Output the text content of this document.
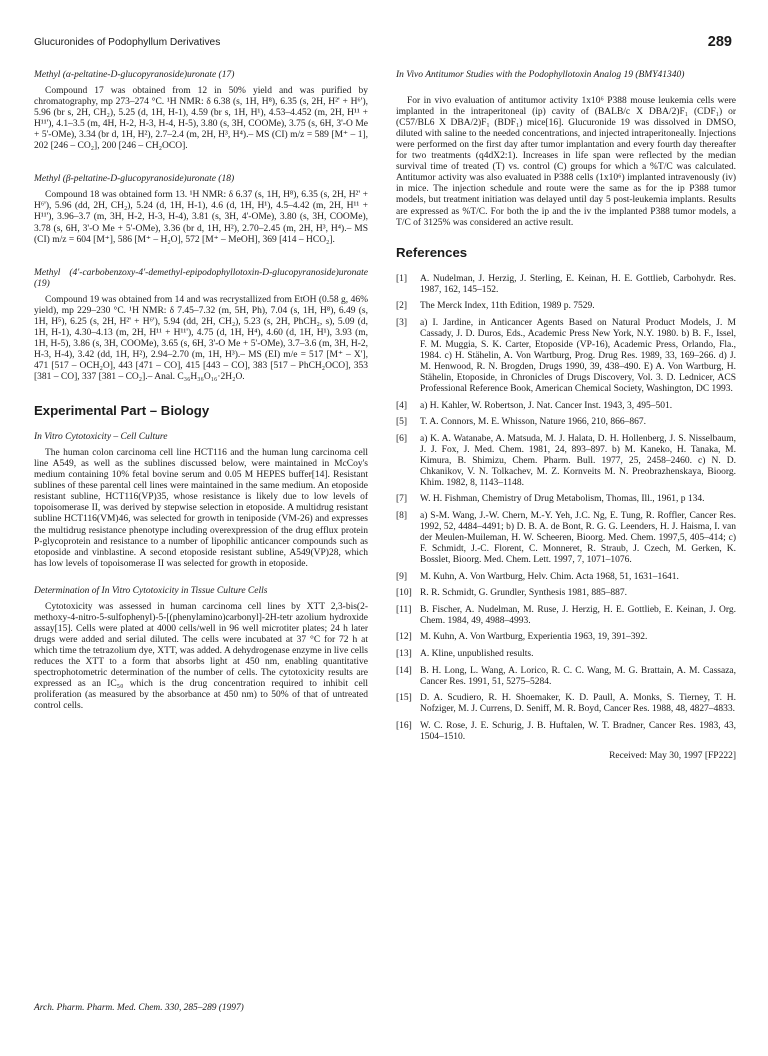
Glucuronides of Podophyllum Derivatives	289
Methyl (α-peltatine-D-glucopyranoside)uronate (17)

Compound 17 was obtained from 12 in 50% yield and was purified by chromatography, mp 273–274 °C. ¹H NMR: δ 6.38 (s, 1H, H⁸), 6.35 (s, 2H, H²' + H⁶'), 5.96 (br s, 2H, CH₂), 5.25 (d, 1H, H-1), 4.59 (br s, 1H, H¹), 4.53–4.452 (m, 2H, H¹¹ + H¹¹'), 4.1–3.5 (m, 4H, H-2, H-3, H-4, H-5), 3.80 (s, 3H, COOMe), 3.75 (s, 6H, 3'-O Me + 5'-OMe), 3.34 (br d, 1H, H²), 2.7–2.4 (m, 2H, H³, H⁴).– MS (CI) m/z = 589 [M⁺ – 1], 202 [246 – CO₂], 200 [246 – CH₂OCO].

Methyl (β-peltatine-D-glucopyranoside)uronate (18)

Compound 18 was obtained form 13. ¹H NMR: δ 6.37 (s, 1H, H⁸), 6.35 (s, 2H, H²' + H⁶'), 5.96 (dd, 2H, CH₂), 5.24 (d, 1H, H-1), 4.6 (d, 1H, H¹), 4.5–4.42 (m, 2H, H¹¹ + H¹¹'), 3.96–3.7 (m, 3H, H-2, H-3, H-4), 3.81 (s, 3H, 4'-OMe), 3.80 (s, 3H, COOMe), 3.78 (s, 6H, 3'-O Me + 5'-OMe), 3.36 (br d, 1H, H²), 2.70–2.45 (m, 2H, H³, H⁴).– MS (CI) m/z = 604 [M⁺], 586 [M⁺ – H₂O], 572 [M⁺ – MeOH], 369 [414 – HCO₂].

Methyl (4'-carbobenzoxy-4'-demethyl-epipodophyllotoxin-D-glucopyranoside)uronate (19)

Compound 19 was obtained from 14 and was recrystallized from EtOH (0.58 g, 46% yield), mp 229–230 °C. ¹H NMR: δ 7.45–7.32 (m, 5H, Ph), 7.04 (s, 1H, H⁸), 6.49 (s, 1H, H⁵), 6.25 (s, 2H, H²' + H⁶'), 5.94 (dd, 2H, CH₂), 5.23 (s, 2H, PhCH₂, s), 5.09 (d, 1H, H-1), 4.30–4.13 (m, 2H, H¹¹ + H¹¹'), 4.75 (d, 1H, H⁴), 4.60 (d, 1H, H¹), 3.93 (m, 1H, H-5), 3.86 (s, 3H, COOMe), 3.65 (s, 6H, 3'-O Me + 5'-OMe), 3.7–3.6 (m, 3H, H-2, H-3, H-4), 3.42 (dd, 1H, H²), 2.94–2.70 (m, 1H, H³).– MS (EI) m/e = 517 [M⁺ – X'], 471 [517 – OCH₂O], 443 [471 – CO], 415 [443 – CO], 383 [517 – PhCH₂OCO], 353 [381 – CO], 337 [381 – CO₂].– Anal. C₃₆H₃₆O₁₆·2H₂O.

Experimental Part – Biology
In Vitro Cytotoxicity – Cell Culture

The human colon carcinoma cell line HCT116 and the human lung carcinoma cell line A549, as well as the sublines discussed below, were maintained in McCoy's medium containing 10% fetal bovine serum and 0.05 M HEPES buffer[14]. Resistant sublines of these parental cell lines were maintained in the same medium. An etoposide resistant subline, HCT116(VP)35, whose resistance is likely due to low levels of topoisomerase II, was derived by stepwise selection in etoposide. A multidrug resistant subline HCT116(VM)46, was selected for growth in teniposide (VM-26) and expresses the multidrug resistance phenotype including overexpression of the drug efflux protein P-glycoprotein and resistance to a number of lipophilic anticancer compounds such as etoposide and vinblastine. A second etoposide resistant subline, A549(VP)28, which has low levels of topoisomerase II was selected for growth in etoposide.

Determination of In Vitro Cytotoxicity in Tissue Culture Cells

Cytotoxicity was assessed in human carcinoma cell lines by XTT 2,3-bis(2-methoxy-4-nitro-5-sulfophenyl)-5-[(phenylamino)carbonyl]-2H-tetr azolium hydroxide assay[15]. Cells were plated at 4000 cells/well in 96 well microtiter plates; 24 h later drugs were added and serial diluted. The cells were incubated at 37 °C for 72 h at which time the tetrazolium dye, XTT, was added. A dehydrogenase enzyme in live cells reduces the XTT to a form that absorbs light at 450 nm, enabling quantitative spectrophotometric determination of the number of cells. The cytotoxicity results are expressed as an IC₅₀ which is the drug concentration required to inhibit cell proliferation (as measured by the absorbance at 450 nm) to 50% of that of untreated control cells.

In Vivo Antitumor Studies with the Podophyllotoxin Analog 19 (BMY41340)

For in vivo evaluation of antitumor activity 1x10⁶ P388 mouse leukemia cells were implanted in the intraperitoneal (ip) cavity of (BALB/c X DBA/2)F₁ (CDF₁) or (C57/BL6 X DBA/2)F₁ (BDF₁) mice[16]. Glucuronide 19 was dissolved in DMSO, diluted with saline to the needed concentrations, and injected intraperitoneally. Injections were performed on the first day after tumor implantation and every fourth day thereafter for two treatments (q4dX2:1). Increases in life span were reflected by the median survival time of treated (T) vs. control (C) groups for which a %T/C was calculated. Antitumor activity was also evaluated in P388 cells (1x10⁶) implanted intravenously (iv) in mice. The injection schedule and route were the same as for the ip P388 tumor models, but treatment initiation was delayed until day 5 post-leukemia implants. Results are expressed as %T/C. For both the ip and the iv the implanted P388 tumor models, a T/C of 3125% was considered an active result.

References
[1]	A. Nudelman, J. Herzig, J. Sterling, E. Keinan, H. E. Gottlieb, Carbohydr. Res. 1987, 162, 145–152.
[2]	The Merck Index, 11th Edition, 1989 p. 7529.
[3]	a) I. Jardine, in Anticancer Agents Based on Natural Product Models, J. M Cassady, J. D. Duros, Eds., Academic Press New York, N.Y. 1980. b) B. F., Issel, F. M. Muggia, S. K. Carter, Etoposide (VP-16), Academic Press, Orlando, Fla., 1984. c) H. Stähelin, A. Von Wartburg, Prog. Drug Res. 1989, 33, 169–266. d) J. M. Henwood, R. N. Brogden, Drugs 1990, 39, 438–490. E) A. Von Wartburg, H. Stähelin, Etoposide, in Chronicles of Drugs Discovery, Vol. 3. D. Lednicer, ACS Professional Reference Book, American Chemical Society, Washington, DC 1993.
[4]	a) H. Kahler, W. Robertson, J. Nat. Cancer Inst. 1943, 3, 495–501.
[5]	T. A. Connors, M. E. Whisson, Nature 1966, 210, 866–867.
[6]	a) K. A. Watanabe, A. Matsuda, M. J. Halata, D. H. Hollenberg, J. S. Nisselbaum, J. J. Fox, J. Med. Chem. 1981, 24, 893–897. b) M. Kaneko, H. Tanaka, M. Kimura, B. Shimizu, Chem. Pharm. Bull. 1977, 25, 2458–2460. c) N. D. Chkanikov, V. N. Tolkachev, M. Z. Kornveits M. N. Preobrazhenskaya, Bioorg. Khim. 1982, 8, 1143–1148.
[7]	W. H. Fishman, Chemistry of Drug Metabolism, Thomas, Ill., 1961, p 134.
[8]	a) S-M. Wang, J.-W. Chern, M.-Y. Yeh, J.C. Ng, E. Tung, R. Roffler, Cancer Res. 1992, 52, 4484–4491; b) D. B. A. de Bont, R. G. G. Leenders, H. J. Haisma, I. van der Meulen-Muileman, H. W. Scheeren, Bioorg. Med. Chem. 1997,5, 405–414; c) F. Schmidt, J.-C. Florent, C. Monneret, R. Straub, J. Czech, M. Gerken, K. Bosslet, Bioorg. Med. Chem. Lett. 1997, 7, 1071–1076.
[9]	M. Kuhn, A. Von Wartburg, Helv. Chim. Acta 1968, 51, 1631–1641.
[10] R. R. Schmidt, G. Grundler, Synthesis 1981, 885–887.
[11] B. Fischer, A. Nudelman, M. Ruse, J. Herzig, H. E. Gottlieb, E. Keinan, J. Org. Chem. 1984, 49, 4988–4993.
[12] M. Kuhn, A. Von Wartburg, Experientia 1963, 19, 391–392.
[13] A. Kline, unpublished results.
[14] B. H. Long, L. Wang, A. Lorico, R. C. C. Wang, M. G. Brattain, A. M. Cassaza, Cancer Res. 1991, 51, 5275–5284.
[15] D. A. Scudiero, R. H. Shoemaker, K. D. Paull, A. Monks, S. Tierney, T. H. Nofziger, M. J. Currens, D. Seniff, M. R. Boyd, Cancer Res. 1988, 48, 4827–4833.
[16] W. C. Rose, J. E. Schurig, J. B. Huftalen, W. T. Bradner, Cancer Res. 1983, 43, 1504–1510.
Received: May 30, 1997 [FP222]
Arch. Pharm. Pharm. Med. Chem. 330, 285–289 (1997)
